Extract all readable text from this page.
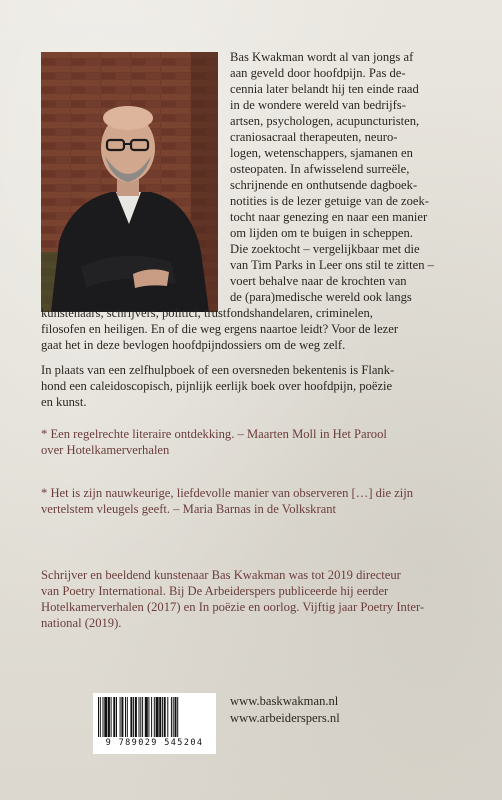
Bas Kwakman wordt al van jongs af
aan geveld door hoofdpijn. Pas de-
cennia later belandt hij ten einde raad
in de wondere wereld van bedrijfs-
artsen, psychologen, acupuncturisten,
craniosacraal therapeuten, neuro-
logen, wetenschappers, sjamanen en
osteopaten. In afwisselend surreële,
schrijnende en onthutsende dagboek-
notities is de lezer getuige van de zoek-
tocht naar genezing en naar een manier
om lijden om te buigen in scheppen.
Die zoektocht – vergelijkbaar met die
van Tim Parks in Leer ons stil te zitten –
voert behalve naar de krochten van
de (para)medische wereld ook langs
kunstenaars, schrijvers, politici, trustfondshandelaren, criminelen,
filosofen en heiligen. En of die weg ergens naartoe leidt? Voor de lezer
gaat het in deze bevlogen hoofdpijndossiers om de weg zelf.
In plaats van een zelfhulpboek of een oversneden bekentenis is Flank-
hond een caleidoscopisch, pijnlijk eerlijk boek over hoofdpijn, poëzie
en kunst.
* Een regelrechte literaire ontdekking. – Maarten Moll in Het Parool
over Hotelkamerverhalen
* Het is zijn nauwkeurige, liefdevolle manier van observeren […] die zijn
vertelstem vleugels geeft. – Maria Barnas in de Volkskrant
Schrijver en beeldend kunstenaar Bas Kwakman was tot 2019 directeur
van Poetry International. Bij De Arbeiderspers publiceerde hij eerder
Hotelkamerverhalen (2017) en In poëzie en oorlog. Vijftig jaar Poetry Inter-
national (2019).
9 789029 545204
www.baskwakman.nl
www.arbeiderspers.nl
